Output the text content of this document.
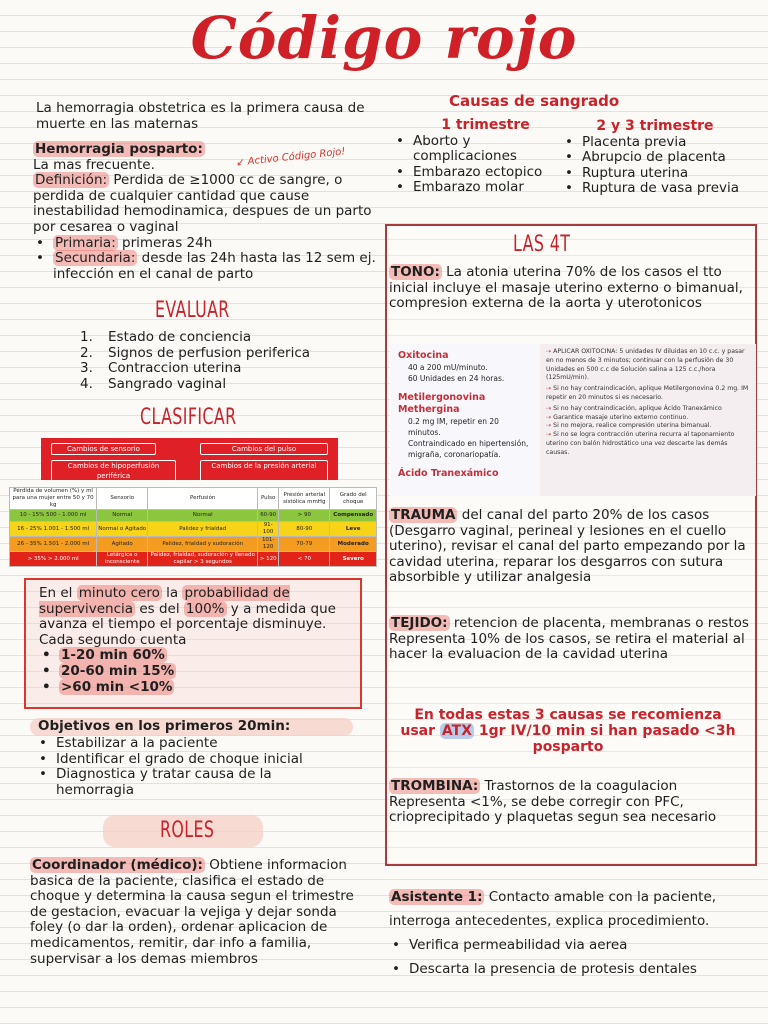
Código rojo
La hemorragia obstetrica es la primera causa de muerte en las maternas
Hemorragia posparto:
La mas frecuente.
Definición: Perdida de ≥1000 cc de sangre, o perdida de cualquier cantidad que cause inestabilidad hemodinamica, despues de un parto por cesarea o vaginal
• Primaria: primeras 24h
• Secundaria: desde las 24h hasta las 12 sem ej. infección en el canal de parto
↙ Activo Código Rojo!
EVALUAR
1.	Estado de conciencia
2.	Signos de perfusion periferica
3.	Contraccion uterina
4.	Sangrado vaginal
CLASIFICAR
Cambios de sensorio	Cambios del pulso
Cambios de hipoperfusión periférica
Cambios de la presión arterial
Pérdida de volumen (%) y ml para una mujer entre 50 y 70 kg	Sensorio	Perfusión	Pulso	Presión arterial sistólica mmHg	Grado del choque
10 - 15% 500 - 1.000 ml	Normal	Normal	60-90	> 90	Compensado
16 - 25% 1.001 - 1.500 ml	Normal o Agitado	Palidez y frialdad	91-100	80-90	Leve
26 - 35% 1.501 - 2.000 ml	Agitado	Palidez, frialdad y sudoración	101-120	70-79	Moderado
> 35% > 2.000 ml	Letárgica o inconsciente	Palidez, frialdad, sudoración y llenado capilar > 3 segundos	> 120	< 70	Severo
En el minuto cero la probabilidad de supervivencia es del 100% y a medida que avanza el tiempo el porcentaje disminuye. Cada segundo cuenta
• 1-20 min 60%
• 20-60 min 15%
• >60 min <10%
Objetivos en los primeros 20min:
• Estabilizar a la paciente
• Identificar el grado de choque inicial
• Diagnostica y tratar causa de la hemorragia
ROLES
Coordinador (médico): Obtiene informacion basica de la paciente, clasifica el estado de choque y determina la causa segun el trimestre de gestacion, evacuar la vejiga y dejar sonda foley (o dar la orden), ordenar aplicacion de medicamentos, remitir, dar info a familia, supervisar a los demas miembros
Causas de sangrado
1 trimestre
• Aborto y complicaciones
• Embarazo ectopico
• Embarazo molar
2 y 3 trimestre
• Placenta previa
• Abrupcio de placenta
• Ruptura uterina
• Ruptura de vasa previa
LAS 4T
TONO: La atonia uterina 70% de los casos el tto inicial incluye el masaje uterino externo o bimanual, compresion externa de la aorta y uterotonicos
Oxitocina
40 a 200 mU/minuto.
60 Unidades en 24 horas.
Metilergonovina Methergina
0.2 mg IM, repetir en 20 minutos.
Contraindicado en hipertensión,
migraña, coronariopatía.
Ácido Tranexámico
⇢ APLICAR OXITOCINA: 5 unidades IV diluidas en 10 c.c. y pasar en no menos de 3 minutos; continuar con la perfusión de 30 Unidades en 500 c.c de Solución salina a 125 c.c./hora (125mU/min).
⇢ Si no hay contraindicación, aplique Metilergonovina 0.2 mg. IM repetir en 20 minutos si es necesario.
⇢ Si no hay contraindicación, aplique Ácido Tranexámico
⇢ Garantice masaje uterino externo continuo.
⇢ Si no mejora, realice compresión uterina bimanual.
⇢ Si no se logra contracción uterina recurra al taponamiento uterino con balón hidrostático una vez descarte las demás causas.
TRAUMA del canal del parto 20% de los casos (Desgarro vaginal, perineal y lesiones en el cuello uterino), revisar el canal del parto empezando por la cavidad uterina, reparar los desgarros con sutura absorbible y utilizar analgesia
TEJIDO: retencion de placenta, membranas o restos
Representa 10% de los casos, se retira el material al hacer la evaluacion de la cavidad uterina
En todas estas 3 causas se recomienza usar ATX 1gr IV/10 min si han pasado <3h posparto
TROMBINA: Trastornos de la coagulacion Representa <1%, se debe corregir con PFC, crioprecipitado y plaquetas segun sea necesario
Asistente 1: Contacto amable con la paciente, interroga antecedentes, explica procedimiento.
• Verifica permeabilidad via aerea
• Descarta la presencia de protesis dentales
